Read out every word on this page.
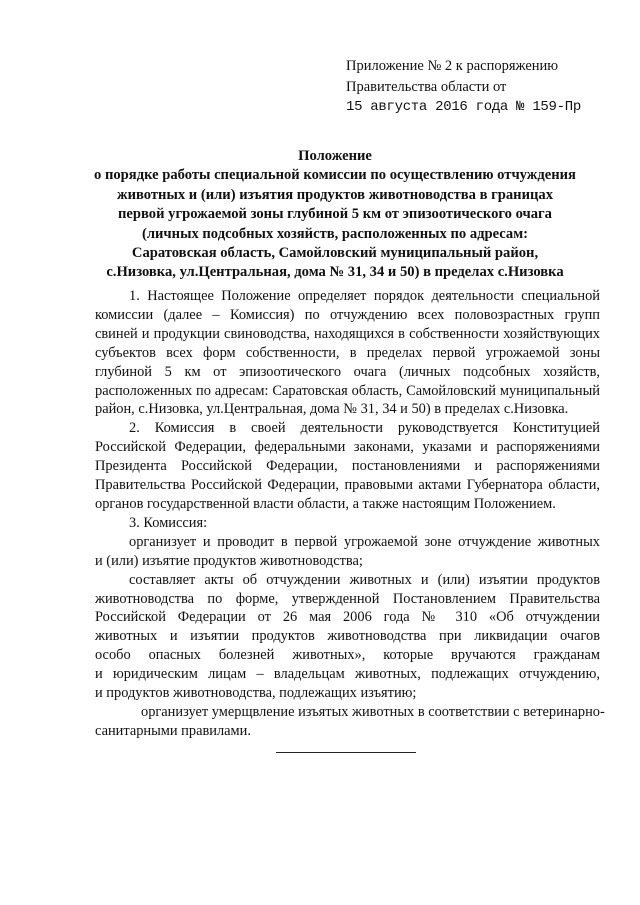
Приложение № 2 к распоряжению
Правительства области от
15 августа 2016 года № 159-Пр
Положение
о порядке работы специальной комиссии по осуществлению отчуждения
животных и (или) изъятия продуктов животноводства в границах
первой угрожаемой зоны глубиной 5 км от эпизоотического очага
(личных подсобных хозяйств, расположенных по адресам:
Саратовская область, Самойловский муниципальный район,
с.Низовка, ул.Центральная, дома № 31, 34 и 50) в пределах с.Низовка
1. Настоящее Положение определяет порядок деятельности специальной
комиссии (далее – Комиссия) по отчуждению всех половозрастных групп
свиней и продукции свиноводства, находящихся в собственности хозяйствующих
субъектов всех форм собственности, в пределах первой угрожаемой зоны
глубиной 5 км от эпизоотического очага (личных подсобных хозяйств,
расположенных по адресам: Саратовская область, Самойловский муниципальный
район, с.Низовка, ул.Центральная, дома № 31, 34 и 50) в пределах с.Низовка.
2. Комиссия в своей деятельности руководствуется Конституцией
Российской Федерации, федеральными законами, указами и распоряжениями
Президента Российской Федерации, постановлениями и распоряжениями
Правительства Российской Федерации, правовыми актами Губернатора области,
органов государственной власти области, а также настоящим Положением.
3. Комиссия:
организует и проводит в первой угрожаемой зоне отчуждение животных
и (или) изъятие продуктов животноводства;
составляет акты об отчуждении животных и (или) изъятии продуктов
животноводства по форме, утвержденной Постановлением Правительства
Российской Федерации от 26 мая 2006 года № 310 «Об отчуждении
животных и изъятии продуктов животноводства при ликвидации очагов
особо опасных болезней животных», которые вручаются гражданам
и юридическим лицам – владельцам животных, подлежащих отчуждению,
и продуктов животноводства, подлежащих изъятию;
организует умерщвление изъятых животных в соответствии с ветеринарно-
санитарными правилами.
